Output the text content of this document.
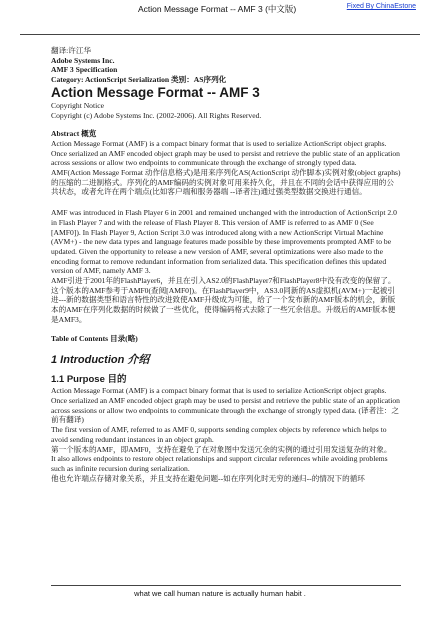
Action Message Format -- AMF 3 (中文版)	Fixed By ChinaEstone

翻译:许江华

Adobe Systems Inc.

AMF 3 Specification

Category: ActionScript Serialization 类别：AS序列化

Action Message Format -- AMF 3

Copyright Notice

Copyright (c) Adobe Systems Inc. (2002-2006). All Rights Reserved.

Abstract 概览

Action Message Format (AMF) is a compact binary format that is used to serialize ActionScript object graphs. Once serialized an AMF encoded object graph may be used to persist and retrieve the public state of an application across sessions or allow two endpoints to communicate through the exchange of strongly typed data.

AMF(Action Message Format 动作信息格式)是用来序列化AS(ActionScript 动作脚本)实例对象(object graphs)的压缩的二进制格式。序列化的AMF编码的实例对象可用来持久化，并且在不同的会话中获得应用的公共状态，或者允许在两个端点(比如客户端和服务器端 --译者注)通过强类型数据交换进行通信。

AMF was introduced in Flash Player 6 in 2001 and remained unchanged with the introduction of ActionScript 2.0 in Flash Player 7 and with the release of Flash Player 8. This version of AMF is referred to as AMF 0 (See [AMF0]). In Flash Player 9, Action Script 3.0 was introduced along with a new ActionScript Virtual Machine (AVM+) - the new data types and language features made possible by these improvements prompted AMF to be updated. Given the opportunity to release a new version of AMF, several optimizations were also made to the encoding format to remove redundant information from serialized data. This specification defines this updated version of AMF, namely AMF 3.

AMF引进于2001年的FlashPlayer6，并且在引入AS2.0的FlashPlayer7和FlashPlayer8中没有改变的保留了。这个版本的AMF参考于AMF0(查阅[AMF0])。在FlashPlayer9中，AS3.0同新的AS虚拟机(AVM+)一起被引进---新的数据类型和语言特性的改进致使AMF升级成为可能，给了一个发布新的AMF版本的机会，新版本的AMF在序列化数据的时候做了一些优化，使得编码格式去除了一些冗余信息。升级后的AMF版本便是AMF3。

Table of Contents 目录(略)

1 Introduction 介绍

1.1 Purpose 目的

Action Message Format (AMF) is a compact binary format that is used to serialize ActionScript object graphs. Once serialized an AMF encoded object graph may be used to persist and retrieve the public state of an application across sessions or allow two endpoints to communicate through the exchange of strongly typed data. (译者注：之前有翻译)

The first version of AMF, referred to as AMF 0, supports sending complex objects by reference which helps to avoid sending redundant instances in an object graph.

第一个版本的AMF，即AMF0，支持在避免了在对象图中发送冗余的实例的通过引用发送复杂的对象。

It also allows endpoints to restore object relationships and support circular references while avoiding problems such as infinite recursion during serialization.

他也允许端点存储对象关系，并且支持在避免问题--如在序列化时无穷的递归--的情况下的循环

what we call human nature is actually human habit .
